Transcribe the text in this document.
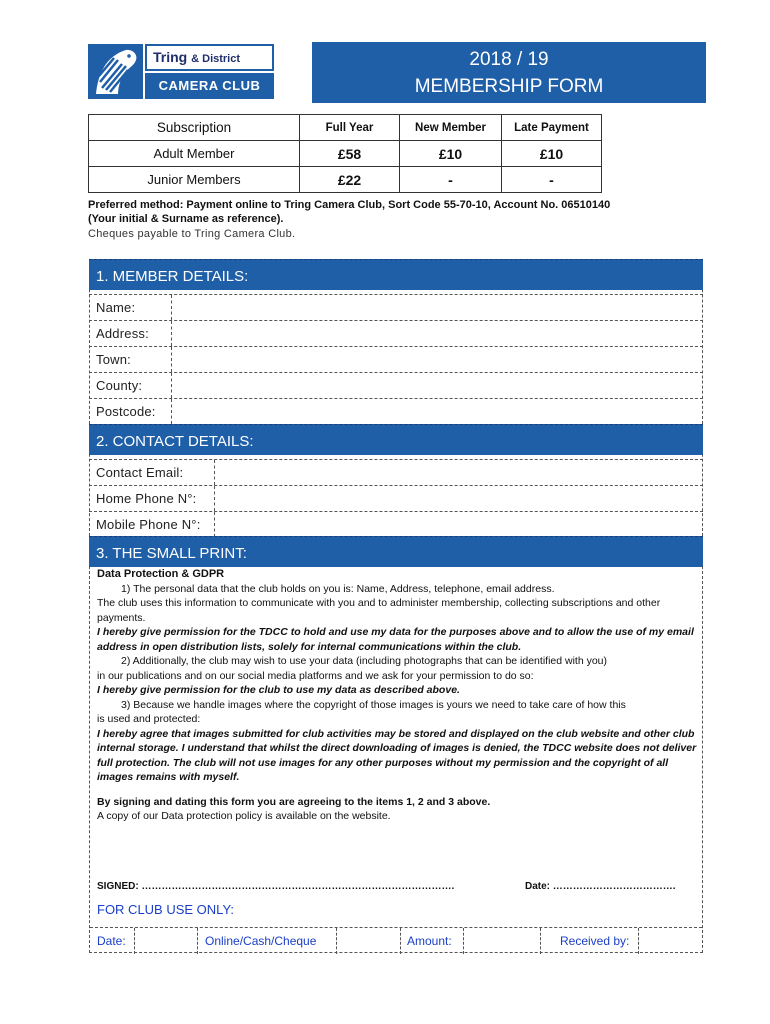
Tring & District
CAMERA CLUB
2018 / 19
MEMBERSHIP FORM
Subscription	Full Year	New Member	Late Payment
Adult Member	£58	£10	£10
Junior Members	£22	-	-
Preferred method: Payment online to Tring Camera Club, Sort Code 55-70-10, Account No. 06510140
(Your initial & Surname as reference).
Cheques payable to Tring Camera Club.
1. MEMBER DETAILS:
Name:
Address:
Town:
County:
Postcode:
2. CONTACT DETAILS:
Contact Email:
Home Phone N°:
Mobile Phone N°:
3. THE SMALL PRINT:

Data Protection & GDPR

1) The personal data that the club holds on you is: Name, Address, telephone, email address.

The club uses this information to communicate with you and to administer membership, collecting subscriptions and other payments.

I hereby give permission for the TDCC to hold and use my data for the purposes above and to allow the use of my email address in open distribution lists, solely for internal communications within the club.

2) Additionally, the club may wish to use your data (including photographs that can be identified with you)

in our publications and on our social media platforms and we ask for your permission to do so:

I hereby give permission for the club to use my data as described above.

3) Because we handle images where the copyright of those images is yours we need to take care of how this

is used and protected:

I hereby agree that images submitted for club activities may be stored and displayed on the club website and other club internal storage. I understand that whilst the direct downloading of images is denied, the TDCC website does not deliver full protection. The club will not use images for any other purposes without my permission and the copyright of all images remains with myself.

By signing and dating this form you are agreeing to the items 1, 2 and 3 above.

A copy of our Data protection policy is available on the website.

SIGNED: ………………………………………………………………………………….	Date: ……………………………….
FOR CLUB USE ONLY:
Date:	Online/Cash/Cheque	Amount:	Received by:
